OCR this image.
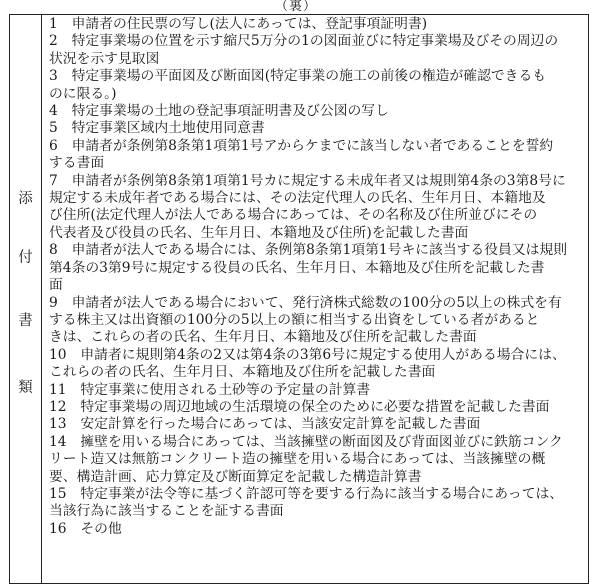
（裏）
添
付
書
類
1　申請者の住民票の写し(法人にあっては、登記事項証明書)
2　特定事業場の位置を示す縮尺5万分の1の図面並びに特定事業場及びその周辺の
状況を示す見取図
3　特定事業場の平面図及び断面図(特定事業の施工の前後の権造が確認できるも
のに限る。)
4　特定事業場の土地の登記事項証明書及び公図の写し
5　特定事業区域内土地使用同意書
6　申請者が条例第8条第1項第1号アからケまでに該当しない者であることを誓約
する書面
7　申請者が条例第8条第1項第1号カに規定する未成年者又は規則第4条の3第8号に
規定する未成年者である場合には、その法定代理人の氏名、生年月日、本籍地及
び住所(法定代理人が法人である場合にあっては、その名称及び住所並びにその
代表者及び役員の氏名、生年月日、本籍地及び住所)を記載した書面
8　申請者が法人である場合には、条例第8条第1項第1号キに該当する役員又は規則
第4条の3第9号に規定する役員の氏名、生年月日、本籍地及び住所を記載した書
面
9　申請者が法人である場合において、発行済株式総数の100分の5以上の株式を有
する株主又は出資額の100分の5以上の額に相当する出資をしている者があると
きは、これらの者の氏名、生年月日、本籍地及び住所を記載した書面
10　申請者に規則第4条の2又は第4条の3第6号に規定する使用人がある場合には、
これらの者の氏名、生年月日、本籍地及び住所を記載した書面
11　特定事業に使用される土砂等の予定量の計算書
12　特定事業場の周辺地域の生活環境の保全のために必要な措置を記載した書面
13　安定計算を行った場合にあっては、当該安定計算を記載した書面
14　擁壁を用いる場合にあっては、当該擁壁の断面図及び背面図並びに鉄筋コンク
リート造又は無筋コンクリート造の擁壁を用いる場合にあっては、当該擁壁の概
要、構造計画、応力算定及び断面算定を記載した構造計算書
15　特定事業が法令等に基づく許認可等を要する行為に該当する場合にあっては、
当該行為に該当することを証する書面
16　その他
